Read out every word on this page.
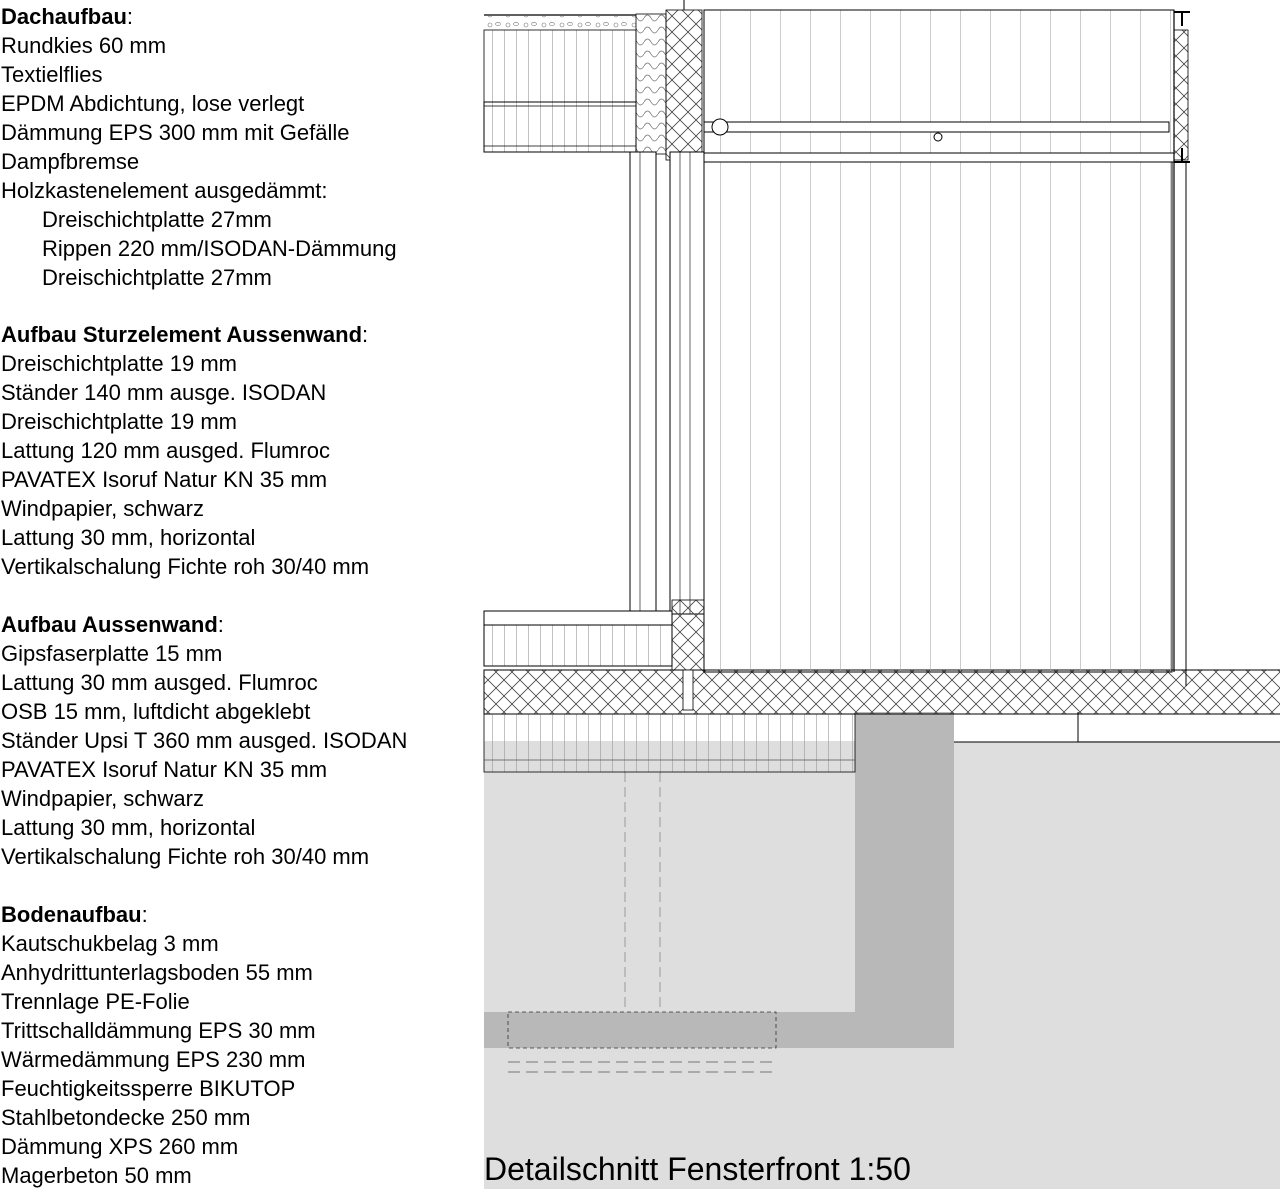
Dachaufbau:
Rundkies 60 mm
Textielflies
EPDM Abdichtung, lose verlegt
Dämmung EPS 300 mm mit Gefälle
Dampfbremse
Holzkastenelement ausgedämmt:
Dreischichtplatte 27mm
Rippen 220 mm/ISODAN-Dämmung
Dreischichtplatte 27mm
Aufbau Sturzelement Aussenwand:
Dreischichtplatte 19 mm
Ständer 140 mm ausge. ISODAN
Dreischichtplatte 19 mm
Lattung 120 mm ausged. Flumroc
PAVATEX Isoruf Natur KN 35 mm
Windpapier, schwarz
Lattung 30 mm, horizontal
Vertikalschalung Fichte roh 30/40 mm
Aufbau Aussenwand:
Gipsfaserplatte 15 mm
Lattung 30 mm ausged. Flumroc
OSB 15 mm, luftdicht abgeklebt
Ständer Upsi T 360 mm ausged. ISODAN
PAVATEX Isoruf Natur KN 35 mm
Windpapier, schwarz
Lattung 30 mm, horizontal
Vertikalschalung Fichte roh 30/40 mm
Bodenaufbau:
Kautschukbelag 3 mm
Anhydrittunterlagsboden 55 mm
Trennlage PE-Folie
Trittschalldämmung EPS 30 mm
Wärmedämmung EPS 230 mm
Feuchtigkeitssperre BIKUTOP
Stahlbetondecke 250 mm
Dämmung XPS 260 mm
Magerbeton 50 mm	Detailschnitt Fensterfront 1:50
